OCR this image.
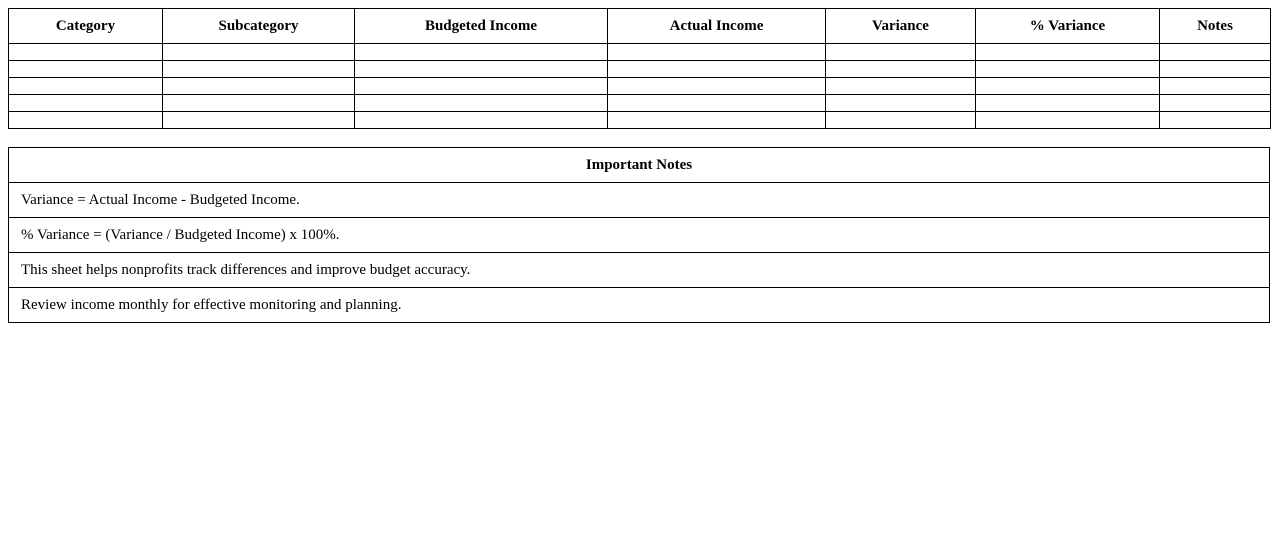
Category	Subcategory	Budgeted Income	Actual Income	Variance	% Variance	Notes

Important Notes
Variance = Actual Income - Budgeted Income.
% Variance = (Variance / Budgeted Income) x 100%.
This sheet helps nonprofits track differences and improve budget accuracy.
Review income monthly for effective monitoring and planning.
